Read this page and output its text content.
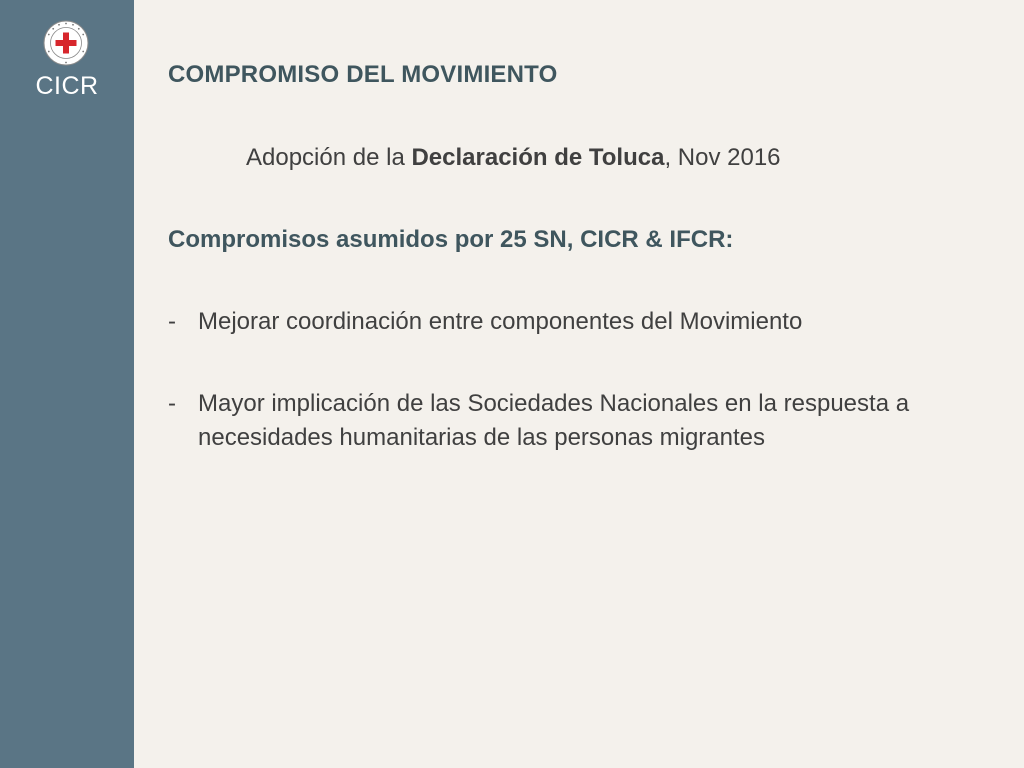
CICR	COMPROMISO DEL MOVIMIENTO
Adopción de la Declaración de Toluca, Nov 2016
Compromisos asumidos por 25 SN, CICR & IFCR:
- Mejorar coordinación entre componentes del Movimiento
- Mayor implicación de las Sociedades Nacionales en la respuesta a necesidades humanitarias de las personas migrantes
